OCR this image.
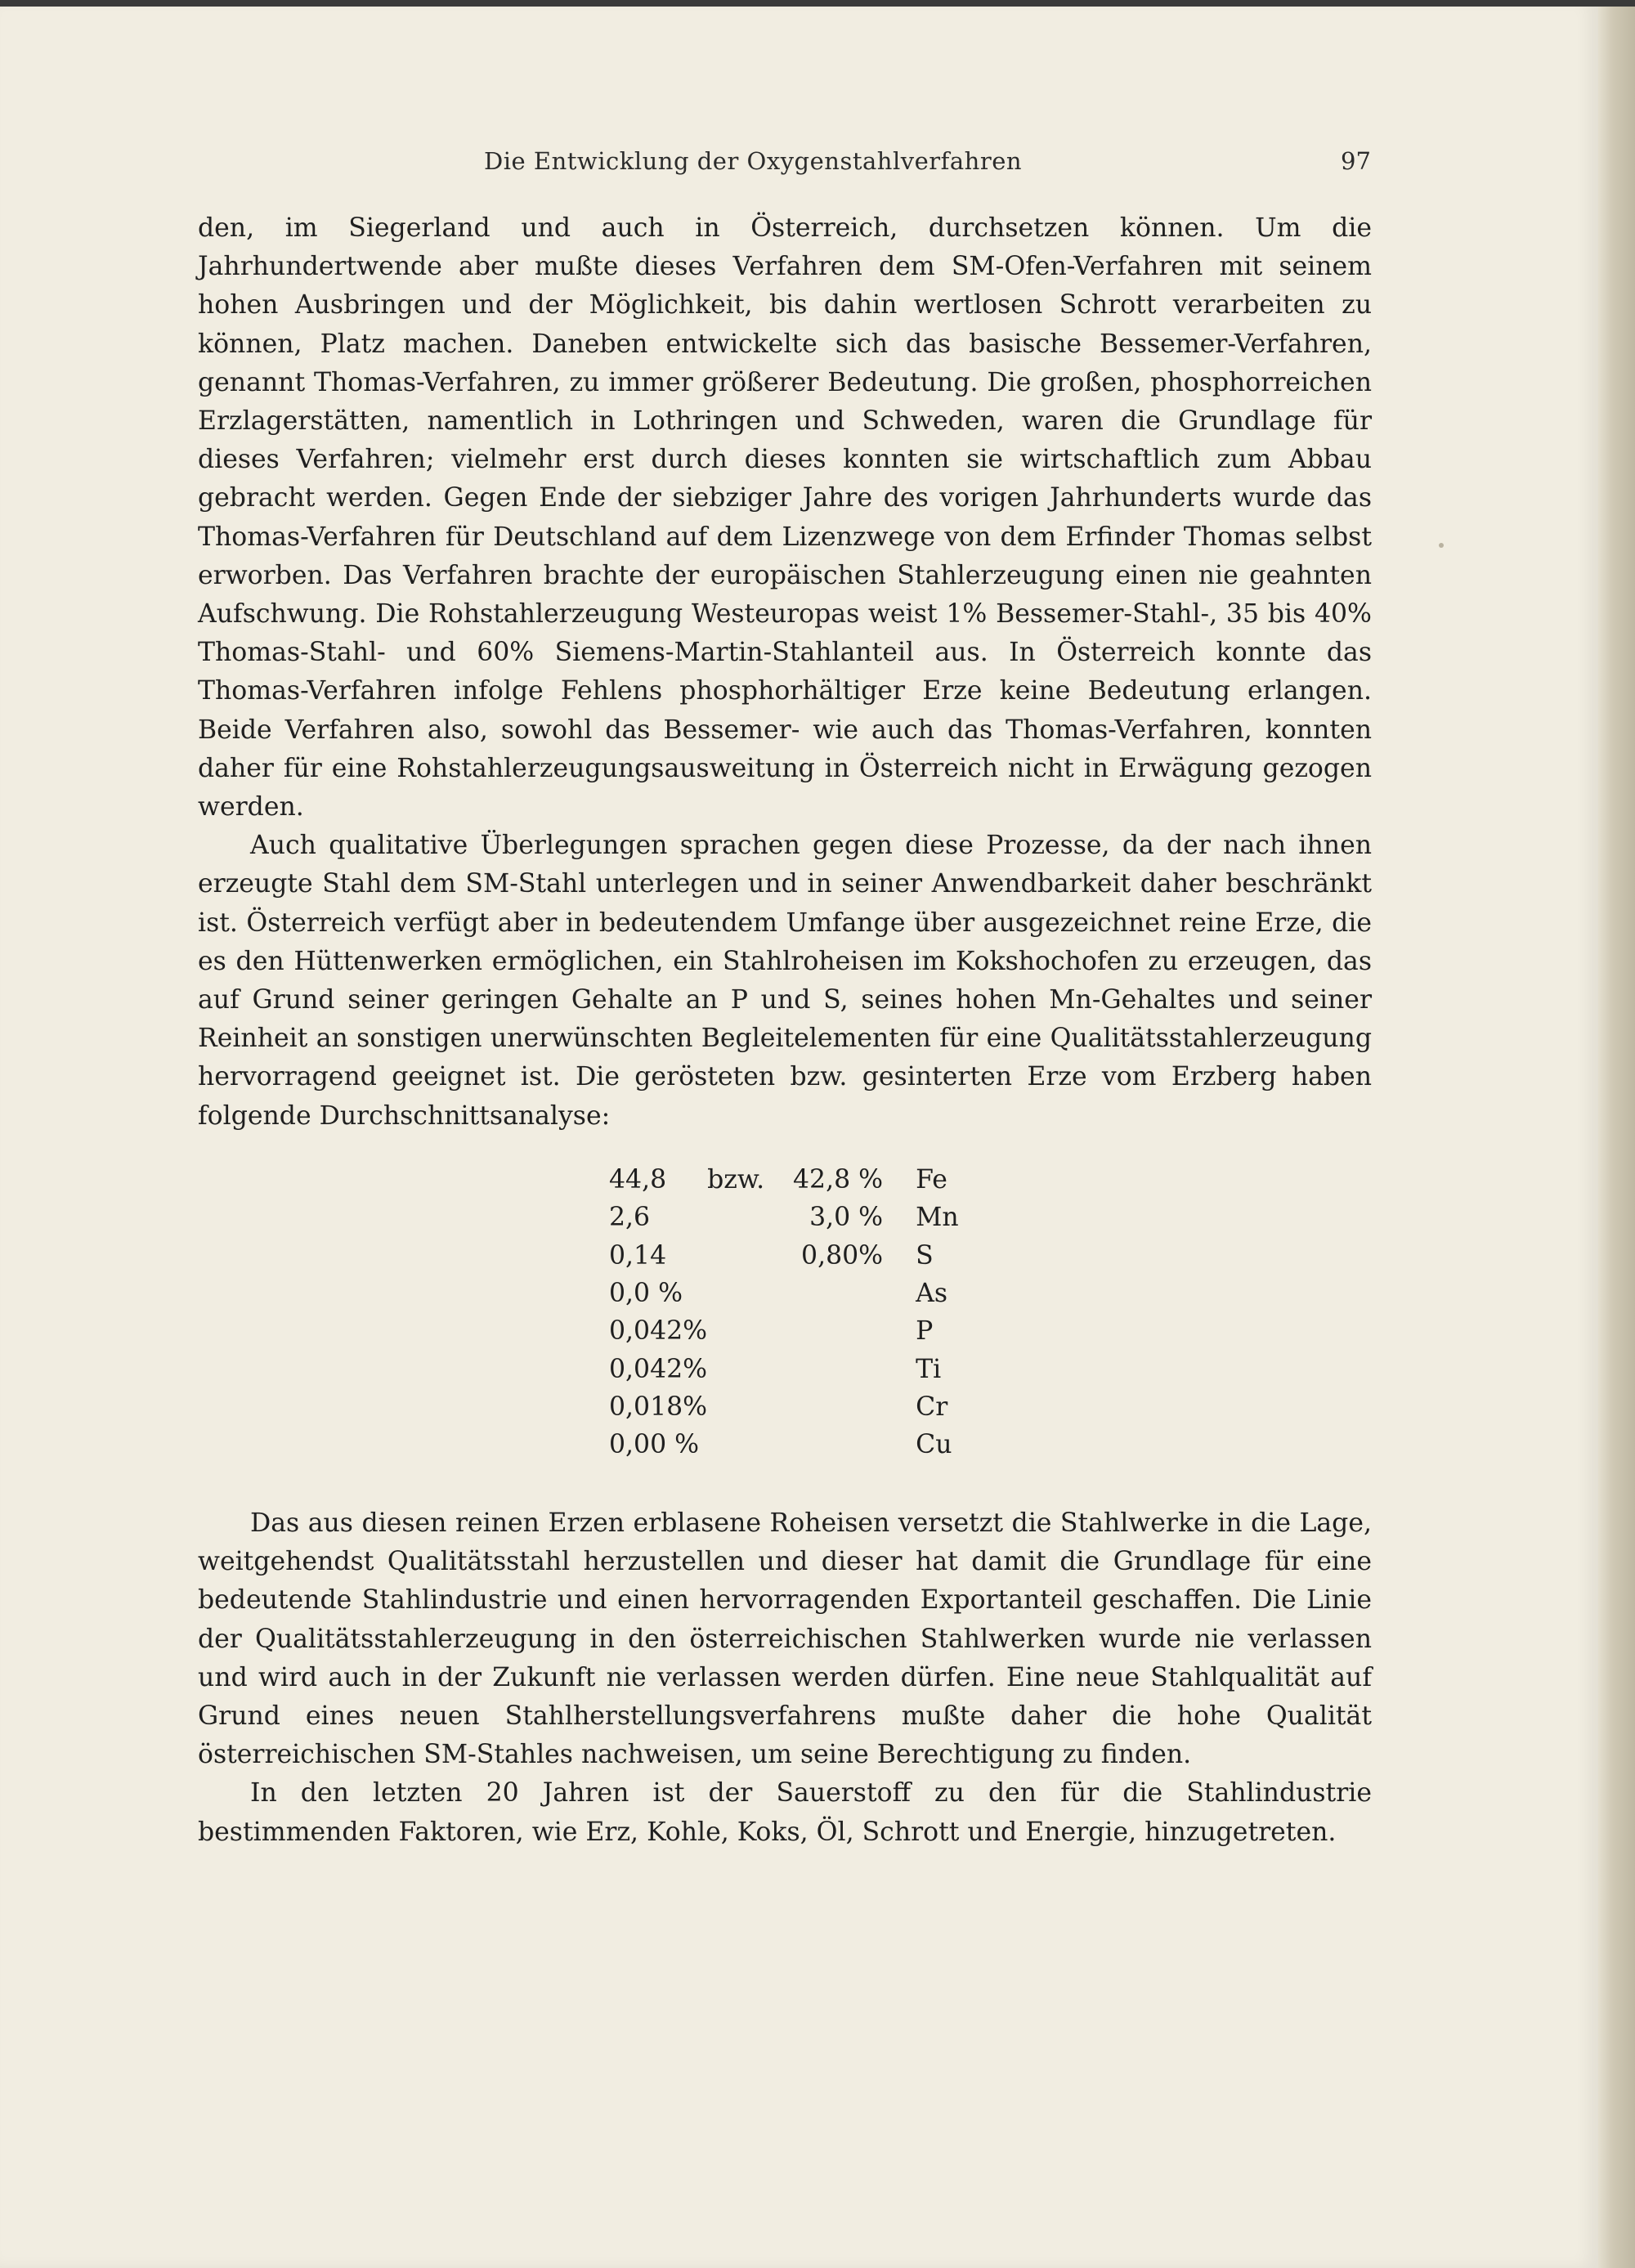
Die Entwicklung der Oxygenstahlverfahren	97

den, im Siegerland und auch in Österreich, durchsetzen können. Um die Jahrhundertwende aber mußte dieses Verfahren dem SM-Ofen-Verfahren mit seinem hohen Ausbringen und der Möglichkeit, bis dahin wertlosen Schrott verarbeiten zu können, Platz machen. Daneben entwickelte sich das basische Bessemer-Verfahren, genannt Thomas-Verfahren, zu immer größerer Bedeutung. Die großen, phosphorreichen Erzlagerstätten, namentlich in Lothringen und Schweden, waren die Grundlage für dieses Verfahren; vielmehr erst durch dieses konnten sie wirtschaftlich zum Abbau gebracht werden. Gegen Ende der siebziger Jahre des vorigen Jahrhunderts wurde das Thomas-Verfahren für Deutschland auf dem Lizenzwege von dem Erfinder Thomas selbst erworben. Das Verfahren brachte der europäischen Stahlerzeugung einen nie geahnten Aufschwung. Die Rohstahlerzeugung Westeuropas weist 1% Bessemer-Stahl-, 35 bis 40% Thomas-Stahl- und 60% Siemens-Martin-Stahlanteil aus. In Österreich konnte das Thomas-Verfahren infolge Fehlens phosphorhältiger Erze keine Bedeutung erlangen. Beide Verfahren also, sowohl das Bessemer- wie auch das Thomas-Verfahren, konnten daher für eine Rohstahlerzeugungsausweitung in Österreich nicht in Erwägung gezogen werden.

Auch qualitative Überlegungen sprachen gegen diese Prozesse, da der nach ihnen erzeugte Stahl dem SM-Stahl unterlegen und in seiner Anwendbarkeit daher beschränkt ist. Österreich verfügt aber in bedeutendem Umfange über ausgezeichnet reine Erze, die es den Hüttenwerken ermöglichen, ein Stahlroheisen im Kokshochofen zu erzeugen, das auf Grund seiner geringen Gehalte an P und S, seines hohen Mn-Gehaltes und seiner Reinheit an sonstigen unerwünschten Begleitelementen für eine Qualitätsstahlerzeugung hervorragend geeignet ist. Die gerösteten bzw. gesinterten Erze vom Erzberg haben folgende Durchschnittsanalyse:

44,8	bzw.	42,8 %	Fe
2,6		3,0 %	Mn
0,14		0,80%	S
0,0 %			As
0,042%			P
0,042%			Ti
0,018%			Cr
0,00 %			Cu

Das aus diesen reinen Erzen erblasene Roheisen versetzt die Stahlwerke in die Lage, weitgehendst Qualitätsstahl herzustellen und dieser hat damit die Grundlage für eine bedeutende Stahlindustrie und einen hervorragenden Exportanteil geschaffen. Die Linie der Qualitätsstahlerzeugung in den österreichischen Stahlwerken wurde nie verlassen und wird auch in der Zukunft nie verlassen werden dürfen. Eine neue Stahlqualität auf Grund eines neuen Stahlherstellungsverfahrens mußte daher die hohe Qualität österreichischen SM-Stahles nachweisen, um seine Berechtigung zu finden.

In den letzten 20 Jahren ist der Sauerstoff zu den für die Stahlindustrie bestimmenden Faktoren, wie Erz, Kohle, Koks, Öl, Schrott und Energie, hinzugetreten.
